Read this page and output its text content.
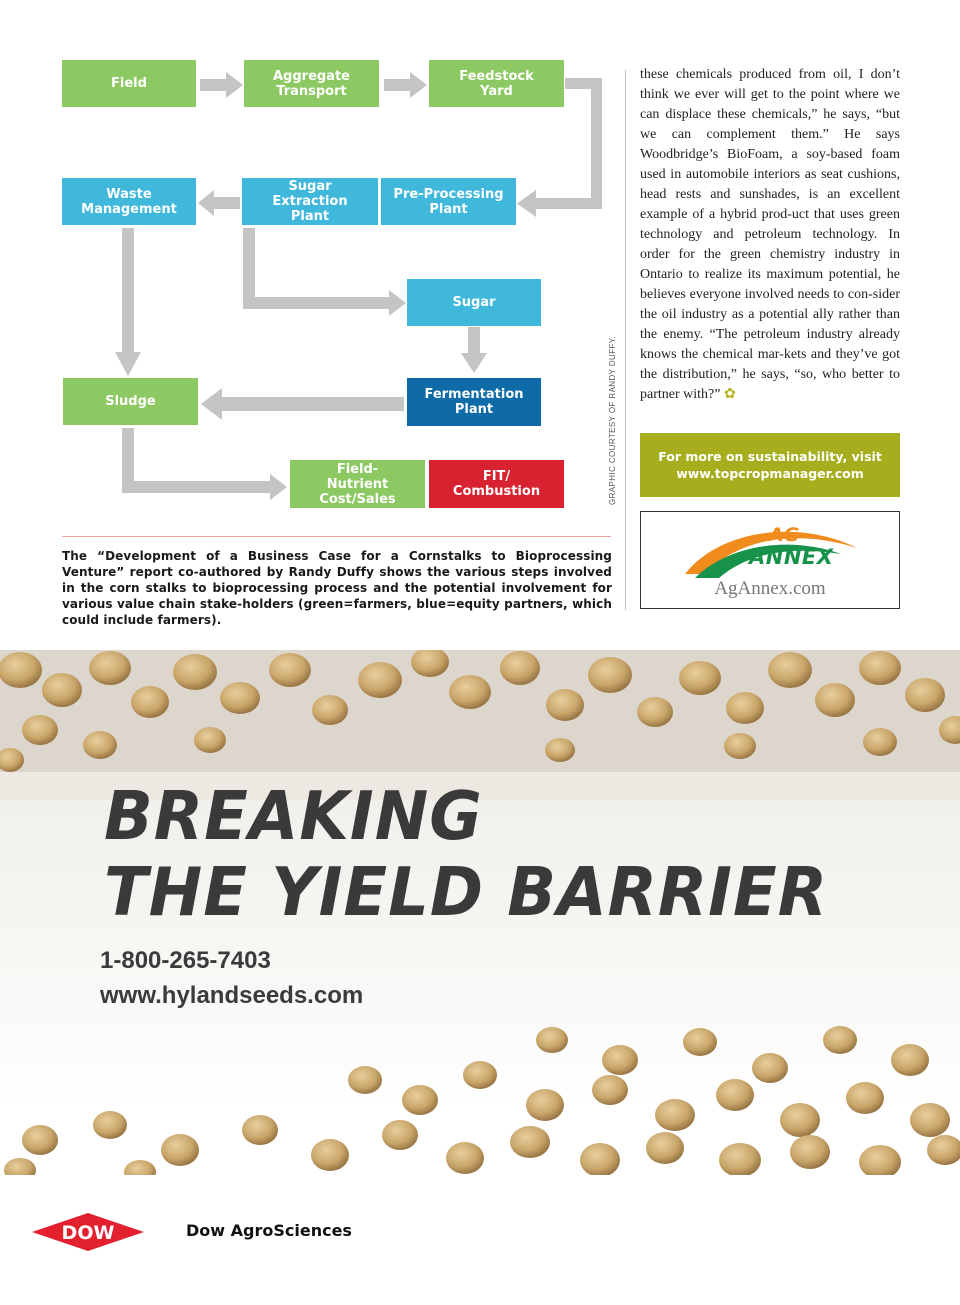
Field	Aggregate
Transport
Feedstock
Yard
Waste
Management
Sugar
Extraction
Plant
Pre-Processing
Plant
Sugar
Sludge	Fermentation
Plant
Field-
Nutrient
Cost/Sales
FIT/
Combustion	GRAPHIC COURTESY OF RANDY DUFFY.
The “Development of a Business Case for a Cornstalks to Bioprocessing Venture” report co-authored by Randy Duffy shows the various steps involved in the corn stalks to bioprocessing process and the potential involvement for various value chain stake-holders (green=farmers, blue=equity partners, which could include farmers).
these chemicals produced from oil, I don’t think we ever will get to the point where we can displace these chemicals,” he says, “but we can complement them.” He says Woodbridge’s BioFoam, a soy-based foam used in automobile interiors as seat cushions, head rests and sunshades, is an excellent example of a hybrid prod-uct that uses green technology and petroleum technology. In order for the green chemistry industry in Ontario to realize its maximum potential, he believes everyone involved needs to con-sider the oil industry as a potential ally rather than the enemy. “The petroleum industry already knows the chemical mar-kets and they’ve got the distribution,” he says, “so, who better to partner with?” ✿
For more on sustainability, visit
www.topcropmanager.com
AG
ANNEX
AgAnnex.com
BREAKING
THE YIELD BARRIER
1-800-265-7403
www.hylandseeds.com
DOW	Dow AgroSciences
